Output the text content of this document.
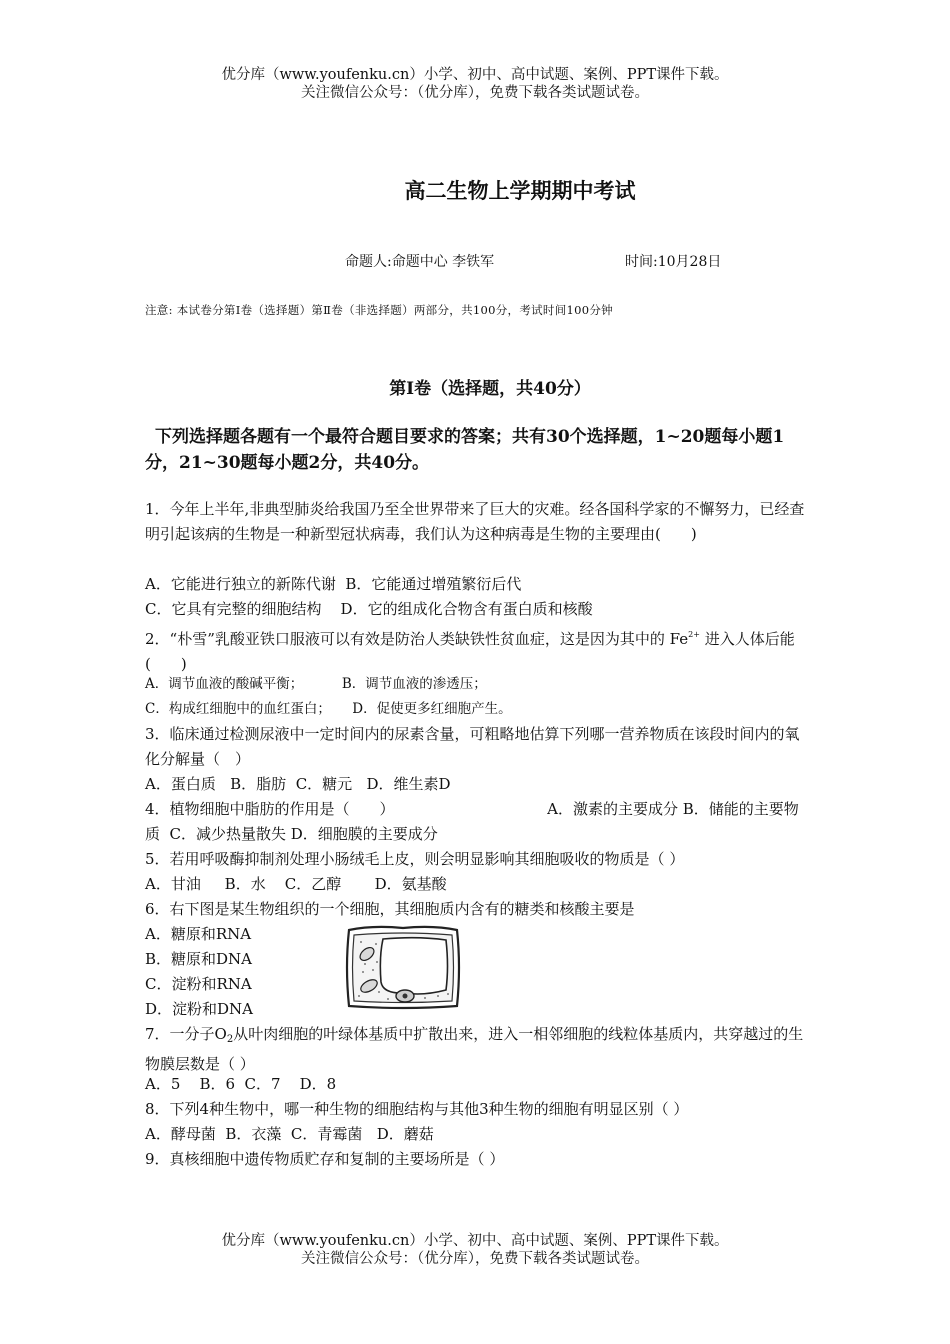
优分库（www.youfenku.cn）小学、初中、高中试题、案例、PPT课件下载。
关注微信公众号：（优分库），免费下载各类试题试卷。
高二生物上学期期中考试
命题人:命题中心 李铁军	时间:10月28日
注意: 本试卷分第Ⅰ卷（选择题）第Ⅱ卷（非选择题）两部分，共100分，考试时间100分钟
第Ⅰ卷（选择题，共40分）
下列选择题各题有一个最符合题目要求的答案；共有30个选择题，1~20题每小题1分，21~30题每小题2分，共40分。
1．今年上半年,非典型肺炎给我国乃至全世界带来了巨大的灾难。经各国科学家的不懈努力，已经查明引起该病的生物是一种新型冠状病毒，我们认为这种病毒是生物的主要理由(　　)
A．它能进行独立的新陈代谢  B．它能通过增殖繁衍后代
C．它具有完整的细胞结构    D．它的组成化合物含有蛋白质和核酸
2．“朴雪”乳酸亚铁口服液可以有效是防治人类缺铁性贫血症，这是因为其中的 $Fe^{2+}$ 进入人体后能(　　)
A．调节血液的酸碱平衡；         B．调节血液的渗透压；
C．构成红细胞中的血红蛋白；     D．促使更多红细胞产生。
3．临床通过检测尿液中一定时间内的尿素含量，可粗略地估算下列哪一营养物质在该段时间内的氧化分解量（　）
A．蛋白质   B．脂肪  C．糖元   D．维生素D
4．植物细胞中脂肪的作用是（　　）                                A．激素的主要成分 B．储能的主要物质  C．减少热量散失 D．细胞膜的主要成分
5．若用呼吸酶抑制剂处理小肠绒毛上皮，则会明显影响其细胞吸收的物质是（ ）
A．甘油     B．水    C．乙醇       D．氨基酸
6．右下图是某生物组织的一个细胞，其细胞质内含有的糖类和核酸主要是
A．糖原和RNA
B．糖原和DNA
C．淀粉和RNA
D．淀粉和DNA
7．一分子$O_2$从叶肉细胞的叶绿体基质中扩散出来，进入一相邻细胞的线粒体基质内，共穿越过的生物膜层数是（ ）
A．5    B．6  C．7    D．8
8．下列4种生物中，哪一种生物的细胞结构与其他3种生物的细胞有明显区别（ ）
A．酵母菌  B．衣藻  C．青霉菌   D．蘑菇
9．真核细胞中遗传物质贮存和复制的主要场所是（ ）
优分库（www.youfenku.cn）小学、初中、高中试题、案例、PPT课件下载。
关注微信公众号：（优分库），免费下载各类试题试卷。
